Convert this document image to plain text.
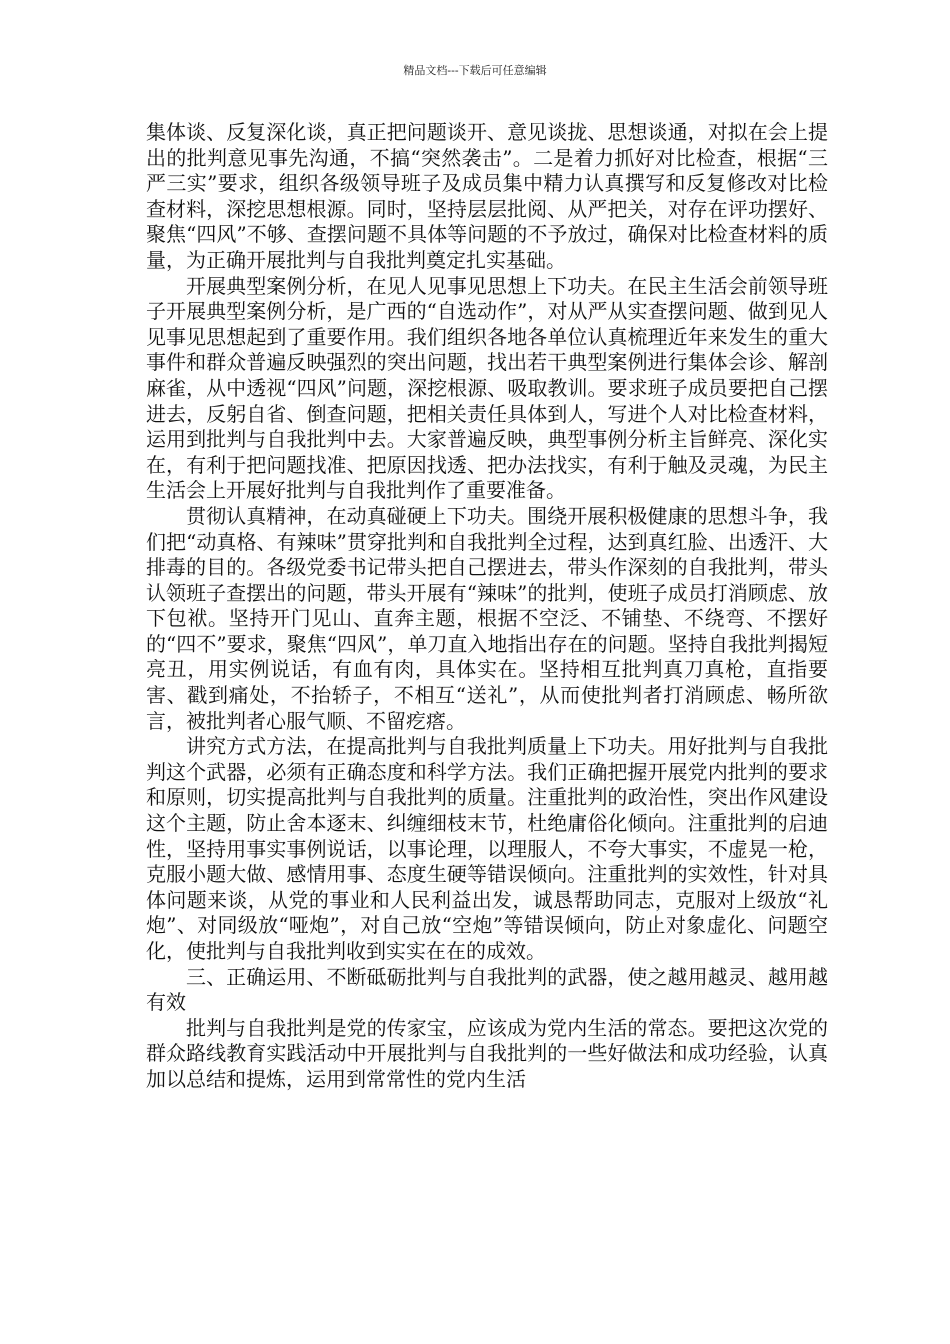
精品文档---下载后可任意编辑

集体谈、反复深化谈，真正把问题谈开、意见谈拢、思想谈通，对拟在会上提出的批判意见事先沟通，不搞“突然袭击”。二是着力抓好对比检查，根据“三严三实”要求，组织各级领导班子及成员集中精力认真撰写和反复修改对比检查材料，深挖思想根源。同时，坚持层层批阅、从严把关，对存在评功摆好、聚焦“四风”不够、查摆问题不具体等问题的不予放过，确保对比检查材料的质量，为正确开展批判与自我批判奠定扎实基础。

开展典型案例分析，在见人见事见思想上下功夫。在民主生活会前领导班子开展典型案例分析，是广西的“自选动作”，对从严从实查摆问题、做到见人见事见思想起到了重要作用。我们组织各地各单位认真梳理近年来发生的重大事件和群众普遍反映强烈的突出问题，找出若干典型案例进行集体会诊、解剖麻雀，从中透视“四风”问题，深挖根源、吸取教训。要求班子成员要把自己摆进去，反躬自省、倒查问题，把相关责任具体到人，写进个人对比检查材料，运用到批判与自我批判中去。大家普遍反映，典型事例分析主旨鲜亮、深化实在，有利于把问题找准、把原因找透、把办法找实，有利于触及灵魂，为民主生活会上开展好批判与自我批判作了重要准备。

贯彻认真精神，在动真碰硬上下功夫。围绕开展积极健康的思想斗争，我们把“动真格、有辣味”贯穿批判和自我批判全过程，达到真红脸、出透汗、大排毒的目的。各级党委书记带头把自己摆进去，带头作深刻的自我批判，带头认领班子查摆出的问题，带头开展有“辣味”的批判，使班子成员打消顾虑、放下包袱。坚持开门见山、直奔主题，根据不空泛、不铺垫、不绕弯、不摆好的“四不”要求，聚焦“四风”，单刀直入地指出存在的问题。坚持自我批判揭短亮丑，用实例说话，有血有肉，具体实在。坚持相互批判真刀真枪，直指要害、戳到痛处，不抬轿子，不相互“送礼”，从而使批判者打消顾虑、畅所欲言，被批判者心服气顺、不留疙瘩。

讲究方式方法，在提高批判与自我批判质量上下功夫。用好批判与自我批判这个武器，必须有正确态度和科学方法。我们正确把握开展党内批判的要求和原则，切实提高批判与自我批判的质量。注重批判的政治性，突出作风建设这个主题，防止舍本逐末、纠缠细枝末节，杜绝庸俗化倾向。注重批判的启迪性，坚持用事实事例说话，以事论理，以理服人，不夸大事实，不虚晃一枪，克服小题大做、感情用事、态度生硬等错误倾向。注重批判的实效性，针对具体问题来谈，从党的事业和人民利益出发，诚恳帮助同志，克服对上级放“礼炮”、对同级放“哑炮”，对自己放“空炮”等错误倾向，防止对象虚化、问题空化，使批判与自我批判收到实实在在的成效。

三、正确运用、不断砥砺批判与自我批判的武器，使之越用越灵、越用越有效

批判与自我批判是党的传家宝，应该成为党内生活的常态。要把这次党的群众路线教育实践活动中开展批判与自我批判的一些好做法和成功经验，认真加以总结和提炼，运用到常常性的党内生活
